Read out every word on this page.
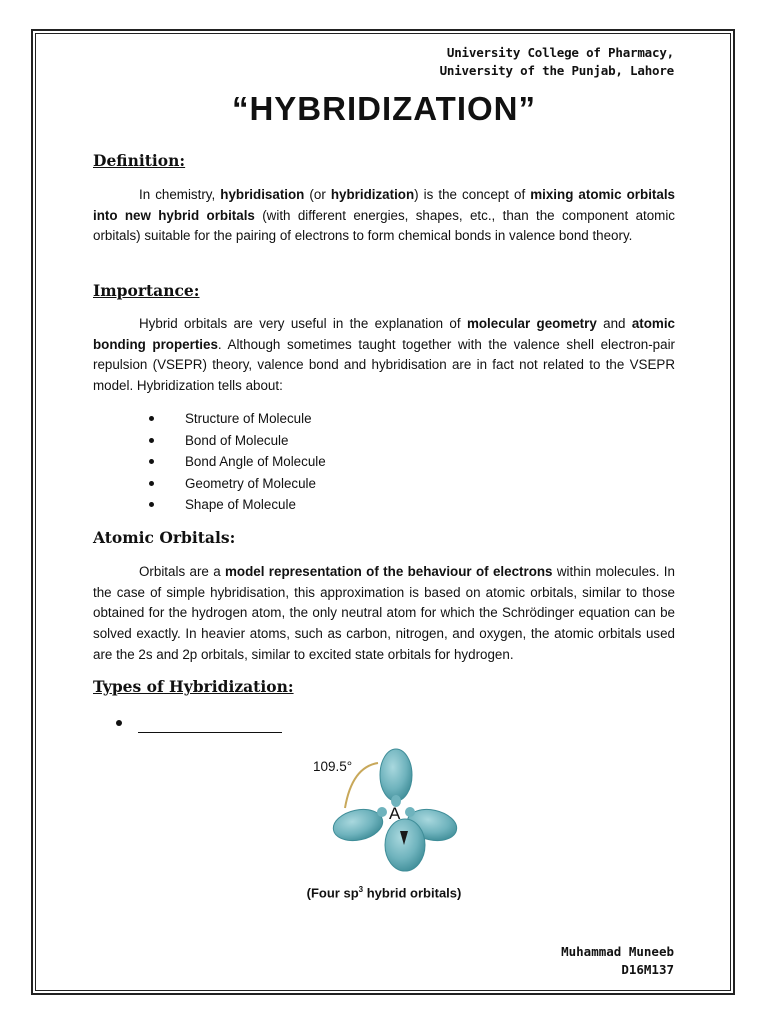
University College of Pharmacy,
University of the Punjab, Lahore
“HYBRIDIZATION”
Definition:

In chemistry, hybridisation (or hybridization) is the concept of mixing atomic orbitals into new hybrid orbitals (with different energies, shapes, etc., than the component atomic orbitals) suitable for the pairing of electrons to form chemical bonds in valence bond theory.

Importance:

Hybrid orbitals are very useful in the explanation of molecular geometry and atomic bonding properties. Although sometimes taught together with the valence shell electron-pair repulsion (VSEPR) theory, valence bond and hybridisation are in fact not related to the VSEPR model. Hybridization tells about:

Structure of Molecule
Bond of Molecule
Bond Angle of Molecule
Geometry of Molecule
Shape of Molecule
Atomic Orbitals:

Orbitals are a model representation of the behaviour of electrons within molecules. In the case of simple hybridisation, this approximation is based on atomic orbitals, similar to those obtained for the hydrogen atom, the only neutral atom for which the Schrödinger equation can be solved exactly. In heavier atoms, such as carbon, nitrogen, and oxygen, the atomic orbitals used are the 2s and 2p orbitals, similar to excited state orbitals for hydrogen.

Types of Hybridization:
A
109.5°
(Four $sp^3$ hybrid orbitals)
Muhammad Muneeb
D16M137
